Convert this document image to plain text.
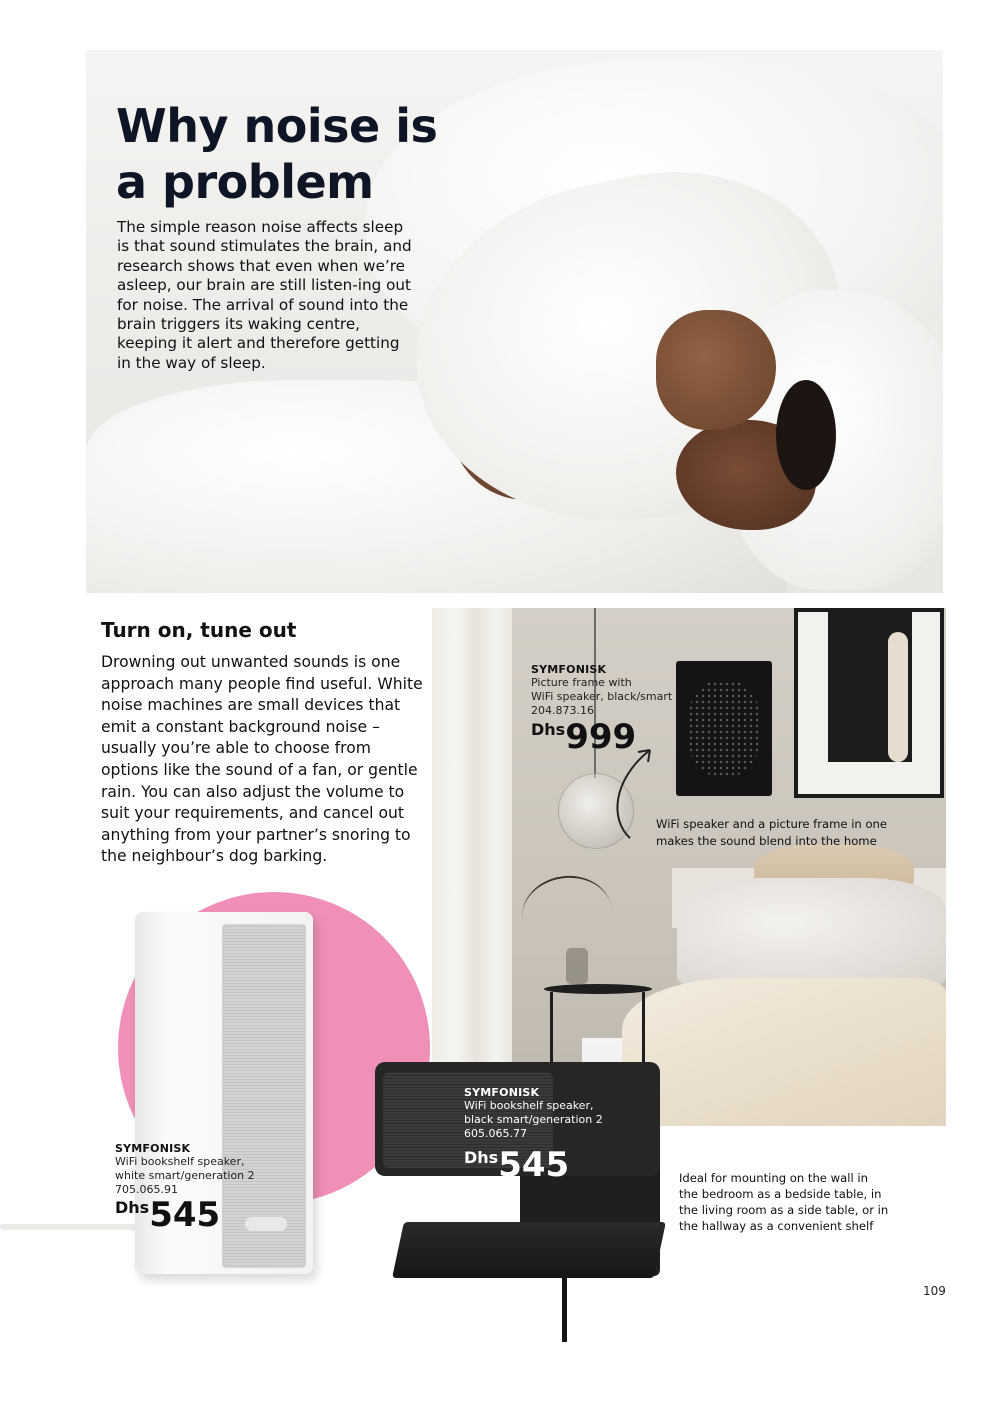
Why noise is a problem
The simple reason noise affects sleep is that sound stimulates the brain, and research shows that even when we’re asleep, our brain are still listen-ing out for noise. The arrival of sound into the brain triggers its waking centre, keeping it alert and therefore getting in the way of sleep.
Turn on, tune out
Drowning out unwanted sounds is one approach many people find useful. White noise machines are small devices that emit a constant background noise – usually you’re able to choose from options like the sound of a fan, or gentle rain. You can also adjust the volume to suit your requirements, and cancel out anything from your partner’s snoring to the neighbour’s dog barking.
SYMFONISK
Picture frame with
WiFi speaker, black/smart
204.873.16
Dhs999
WiFi speaker and a picture frame in one makes the sound blend into the home
SYMFONISK
WiFi bookshelf speaker,
white smart/generation 2
705.065.91
Dhs545
SYMFONISK
WiFi bookshelf speaker,
black smart/generation 2
605.065.77
Dhs545	Ideal for mounting on the wall in the bedroom as a bedside table, in the living room as a side table, or in the hallway as a convenient shelf
109
